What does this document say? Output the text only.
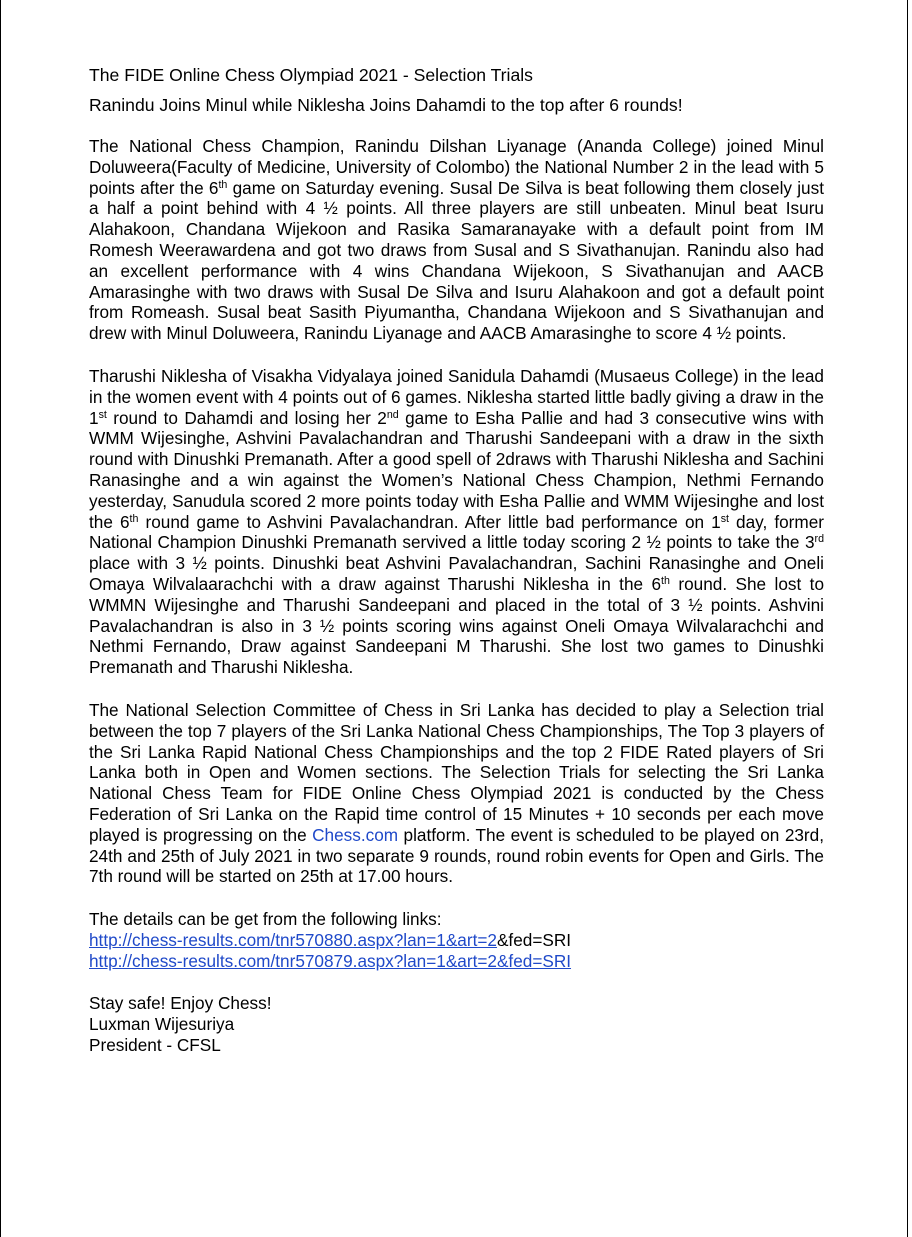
The FIDE Online Chess Olympiad 2021 - Selection Trials

Ranindu Joins Minul while Niklesha Joins Dahamdi to the top after 6 rounds!

The National Chess Champion, Ranindu Dilshan Liyanage (Ananda College) joined Minul Doluweera(Faculty of Medicine, University of Colombo) the National Number 2 in the lead with 5 points after the 6th game on Saturday evening. Susal De Silva is beat following them closely just a half a point behind with 4 ½ points. All three players are still unbeaten. Minul beat Isuru Alahakoon, Chandana Wijekoon and Rasika Samaranayake with a default point from IM Romesh Weerawardena and got two draws from Susal and S Sivathanujan. Ranindu also had an excellent performance with 4 wins Chandana Wijekoon, S Sivathanujan and AACB Amarasinghe with two draws with Susal De Silva and Isuru Alahakoon and got a default point from Romeash. Susal beat Sasith Piyumantha, Chandana Wijekoon and S Sivathanujan and drew with Minul Doluweera, Ranindu Liyanage and AACB Amarasinghe to score 4 ½ points.

Tharushi Niklesha of Visakha Vidyalaya joined Sanidula Dahamdi (Musaeus College) in the lead in the women event with 4 points out of 6 games. Niklesha started little badly giving a draw in the 1st round to Dahamdi and losing her 2nd game to Esha Pallie and had 3 consecutive wins with WMM Wijesinghe, Ashvini Pavalachandran and Tharushi Sandeepani with a draw in the sixth round with Dinushki Premanath. After a good spell of 2draws with Tharushi Niklesha and Sachini Ranasinghe and a win against the Women’s National Chess Champion, Nethmi Fernando yesterday, Sanudula scored 2 more points today with Esha Pallie and WMM Wijesinghe and lost the 6th round game to Ashvini Pavalachandran. After little bad performance on 1st day, former National Champion Dinushki Premanath servived a little today scoring 2 ½ points to take the 3rd place with 3 ½ points. Dinushki beat Ashvini Pavalachandran, Sachini Ranasinghe and Oneli Omaya Wilvalaarachchi with a draw against Tharushi Niklesha in the 6th round. She lost to WMMN Wijesinghe and Tharushi Sandeepani and placed in the total of 3 ½ points. Ashvini Pavalachandran is also in 3 ½ points scoring wins against Oneli Omaya Wilvalarachchi and Nethmi Fernando, Draw against Sandeepani M Tharushi. She lost two games to Dinushki Premanath and Tharushi Niklesha.

The National Selection Committee of Chess in Sri Lanka has decided to play a Selection trial between the top 7 players of the Sri Lanka National Chess Championships, The Top 3 players of the Sri Lanka Rapid National Chess Championships and the top 2 FIDE Rated players of Sri Lanka both in Open and Women sections. The Selection Trials for selecting the Sri Lanka National Chess Team for FIDE Online Chess Olympiad 2021 is conducted by the Chess Federation of Sri Lanka on the Rapid time control of 15 Minutes + 10 seconds per each move played is progressing on the Chess.com platform. The event is scheduled to be played on 23rd, 24th and 25th of July 2021 in two separate 9 rounds, round robin events for Open and Girls. The 7th round will be started on 25th at 17.00 hours.

The details can be get from the following links:
http://chess-results.com/tnr570880.aspx?lan=1&art=2&fed=SRI
http://chess-results.com/tnr570879.aspx?lan=1&art=2&fed=SRI
Stay safe! Enjoy Chess!
Luxman Wijesuriya
President - CFSL
